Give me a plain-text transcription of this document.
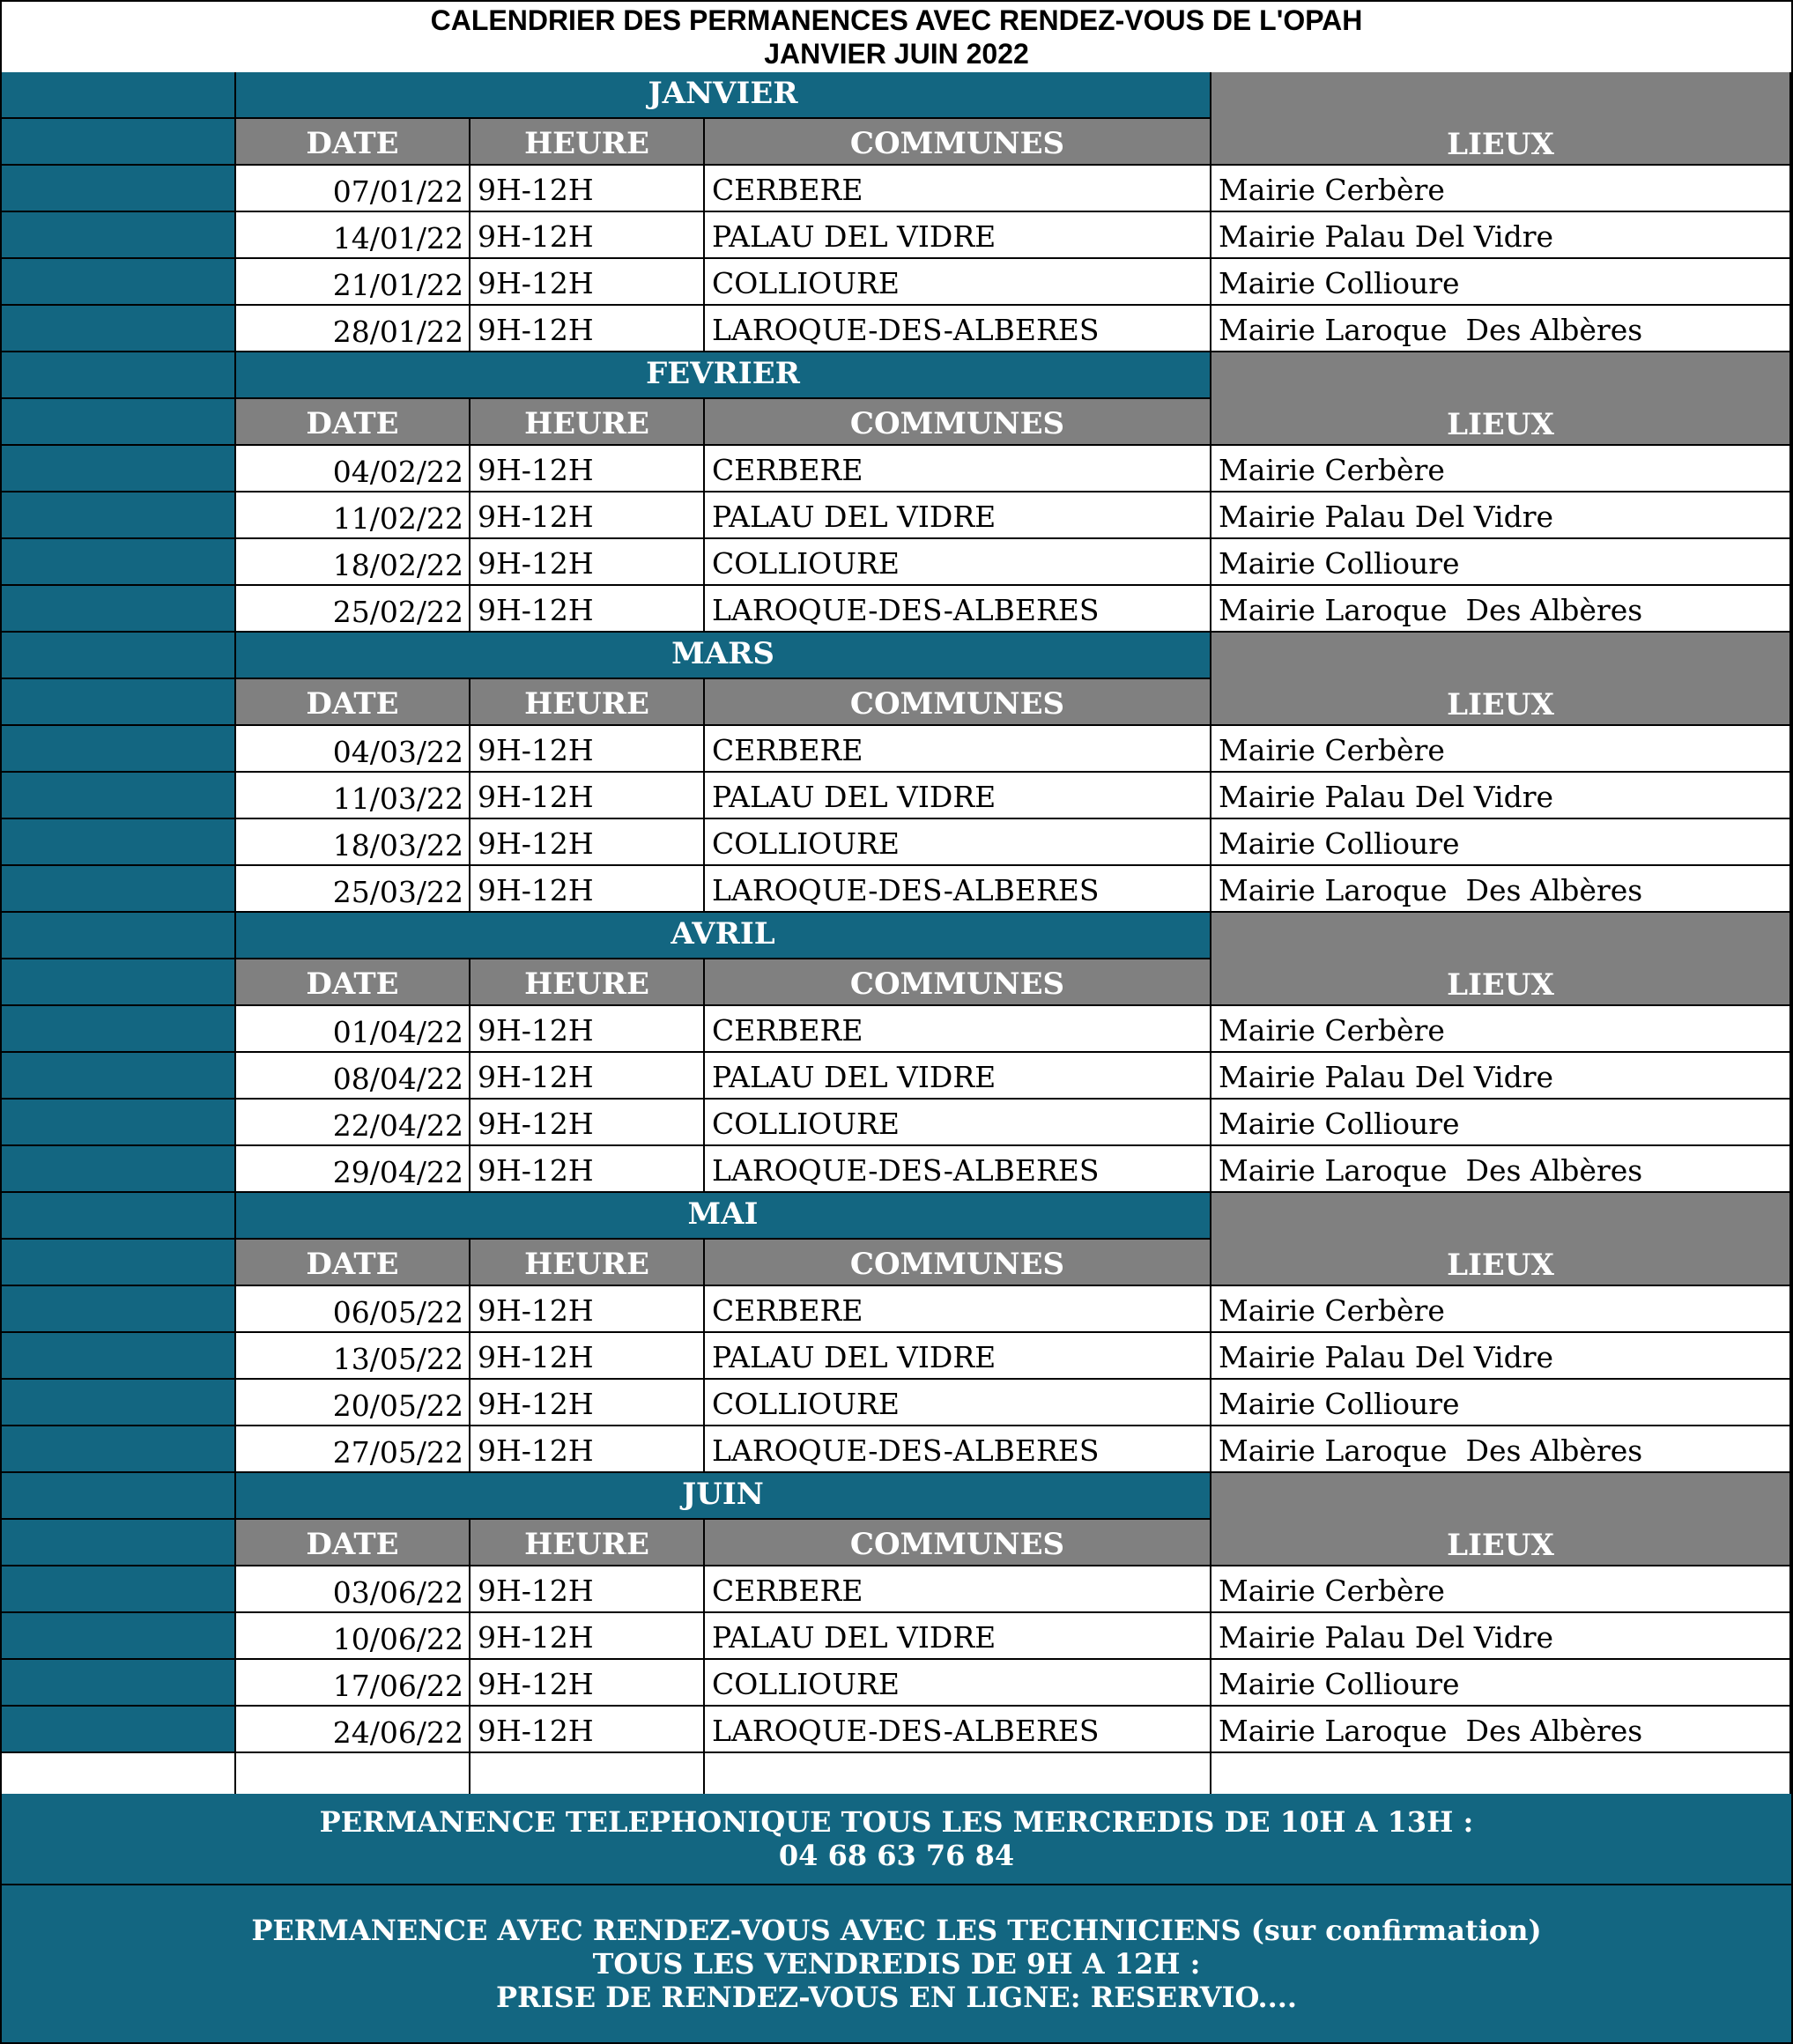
CALENDRIER DES PERMANENCES AVEC RENDEZ-VOUS DE L'OPAH
JANVIER JUIN 2022
JANVIER
DATE	HEURE	COMMUNES	LIEUX
07/01/22 9H-12H	CERBERE	Mairie Cerbère
14/01/22 9H-12H	PALAU DEL VIDRE	Mairie Palau Del Vidre
21/01/22 9H-12H	COLLIOURE	Mairie Collioure
28/01/22 9H-12H	LAROQUE-DES-ALBERES	Mairie Laroque  Des Albères
FEVRIER
DATE	HEURE	COMMUNES	LIEUX
04/02/22 9H-12H	CERBERE	Mairie Cerbère
11/02/22 9H-12H	PALAU DEL VIDRE	Mairie Palau Del Vidre
18/02/22 9H-12H	COLLIOURE	Mairie Collioure
25/02/22 9H-12H	LAROQUE-DES-ALBERES	Mairie Laroque  Des Albères
MARS
DATE	HEURE	COMMUNES	LIEUX
04/03/22 9H-12H	CERBERE	Mairie Cerbère
11/03/22 9H-12H	PALAU DEL VIDRE	Mairie Palau Del Vidre
18/03/22 9H-12H	COLLIOURE	Mairie Collioure
25/03/22 9H-12H	LAROQUE-DES-ALBERES	Mairie Laroque  Des Albères
AVRIL
DATE	HEURE	COMMUNES	LIEUX
01/04/22 9H-12H	CERBERE	Mairie Cerbère
08/04/22 9H-12H	PALAU DEL VIDRE	Mairie Palau Del Vidre
22/04/22 9H-12H	COLLIOURE	Mairie Collioure
29/04/22 9H-12H	LAROQUE-DES-ALBERES	Mairie Laroque  Des Albères
MAI
DATE	HEURE	COMMUNES	LIEUX
06/05/22 9H-12H	CERBERE	Mairie Cerbère
13/05/22 9H-12H	PALAU DEL VIDRE	Mairie Palau Del Vidre
20/05/22 9H-12H	COLLIOURE	Mairie Collioure
27/05/22 9H-12H	LAROQUE-DES-ALBERES	Mairie Laroque  Des Albères
JUIN
DATE	HEURE	COMMUNES	LIEUX
03/06/22 9H-12H	CERBERE	Mairie Cerbère
10/06/22 9H-12H	PALAU DEL VIDRE	Mairie Palau Del Vidre
17/06/22 9H-12H	COLLIOURE	Mairie Collioure
24/06/22 9H-12H	LAROQUE-DES-ALBERES	Mairie Laroque  Des Albères
PERMANENCE TELEPHONIQUE TOUS LES MERCREDIS DE 10H A 13H :
04 68 63 76 84
PERMANENCE AVEC RENDEZ-VOUS AVEC LES TECHNICIENS (sur confirmation)
TOUS LES VENDREDIS DE 9H A 12H :
PRISE DE RENDEZ-VOUS EN LIGNE: RESERVIO....
